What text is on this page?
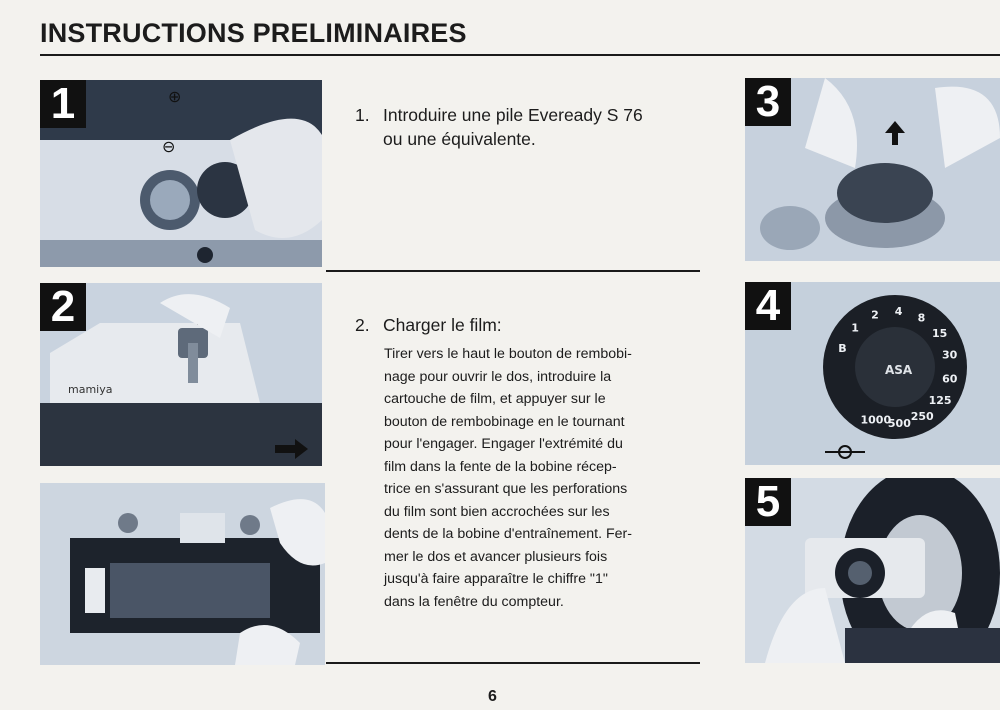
INSTRUCTIONS PRELIMINAIRES
⊕
⊖
1
mamiya
2
3
ASA
B
1
2 4 8
15
30
60
125
250
500
1000
4
5
1. Introduire une pile Eveready S 76
ou une équivalente.
2. Charger le film:
Tirer vers le haut le bouton de rembobi-
nage pour ouvrir le dos, introduire la
cartouche de film, et appuyer sur le
bouton de rembobinage en le tournant
pour l'engager. Engager l'extrémité du
film dans la fente de la bobine récep-
trice en s'assurant que les perforations
du film sont bien accrochées sur les
dents de la bobine d'entraînement. Fer-
mer le dos et avancer plusieurs fois
jusqu'à faire apparaître le chiffre "1"
dans la fenêtre du compteur.
6
